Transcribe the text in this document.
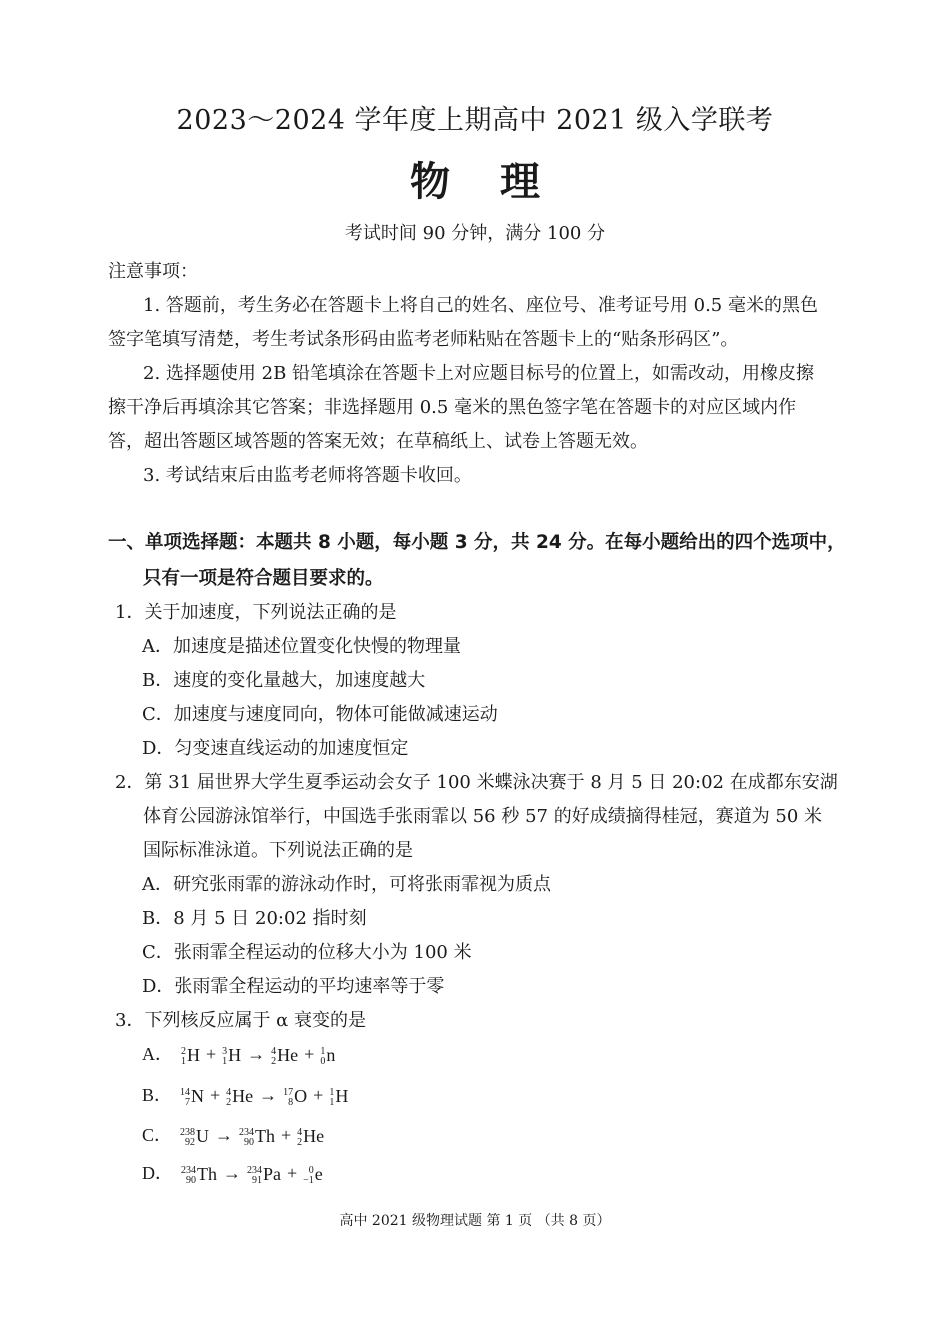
2023～2024 学年度上期高中 2021 级入学联考
物 理
考试时间 90 分钟，满分 100 分
注意事项：
1. 答题前，考生务必在答题卡上将自己的姓名、座位号、准考证号用 0.5 毫米的黑色
签字笔填写清楚，考生考试条形码由监考老师粘贴在答题卡上的“贴条形码区”。
2. 选择题使用 2B 铅笔填涂在答题卡上对应题目标号的位置上，如需改动，用橡皮擦
擦干净后再填涂其它答案；非选择题用 0.5 毫米的黑色签字笔在答题卡的对应区域内作
答，超出答题区域答题的答案无效；在草稿纸上、试卷上答题无效。
3. 考试结束后由监考老师将答题卡收回。
一、单项选择题：本题共 8 小题，每小题 3 分，共 24 分。在每小题给出的四个选项中，
只有一项是符合题目要求的。
1．关于加速度，下列说法正确的是
A．加速度是描述位置变化快慢的物理量
B．速度的变化量越大，加速度越大
C．加速度与速度同向，物体可能做减速运动
D．匀变速直线运动的加速度恒定
2．第 31 届世界大学生夏季运动会女子 100 米蝶泳决赛于 8 月 5 日 20:02 在成都东安湖
体育公园游泳馆举行，中国选手张雨霏以 56 秒 57 的好成绩摘得桂冠，赛道为 50 米
国际标准泳道。下列说法正确的是
A．研究张雨霏的游泳动作时，可将张雨霏视为质点
B．8 月 5 日 20:02 指时刻
C．张雨霏全程运动的位移大小为 100 米
D．张雨霏全程运动的平均速率等于零
3．下列核反应属于 α 衰变的是
A． 2
1 H + 3
1 H → 4
2 He + 1
0 n
B． 14
7 N + 4
2 He → 17
8 O + 1
1 H
C． 238
92 U → 234
90 Th + 4
2 He
D． 234
90 Th → 234
91 Pa + 0
−1 e
高中 2021 级物理试题 第 1 页 （共 8 页）
